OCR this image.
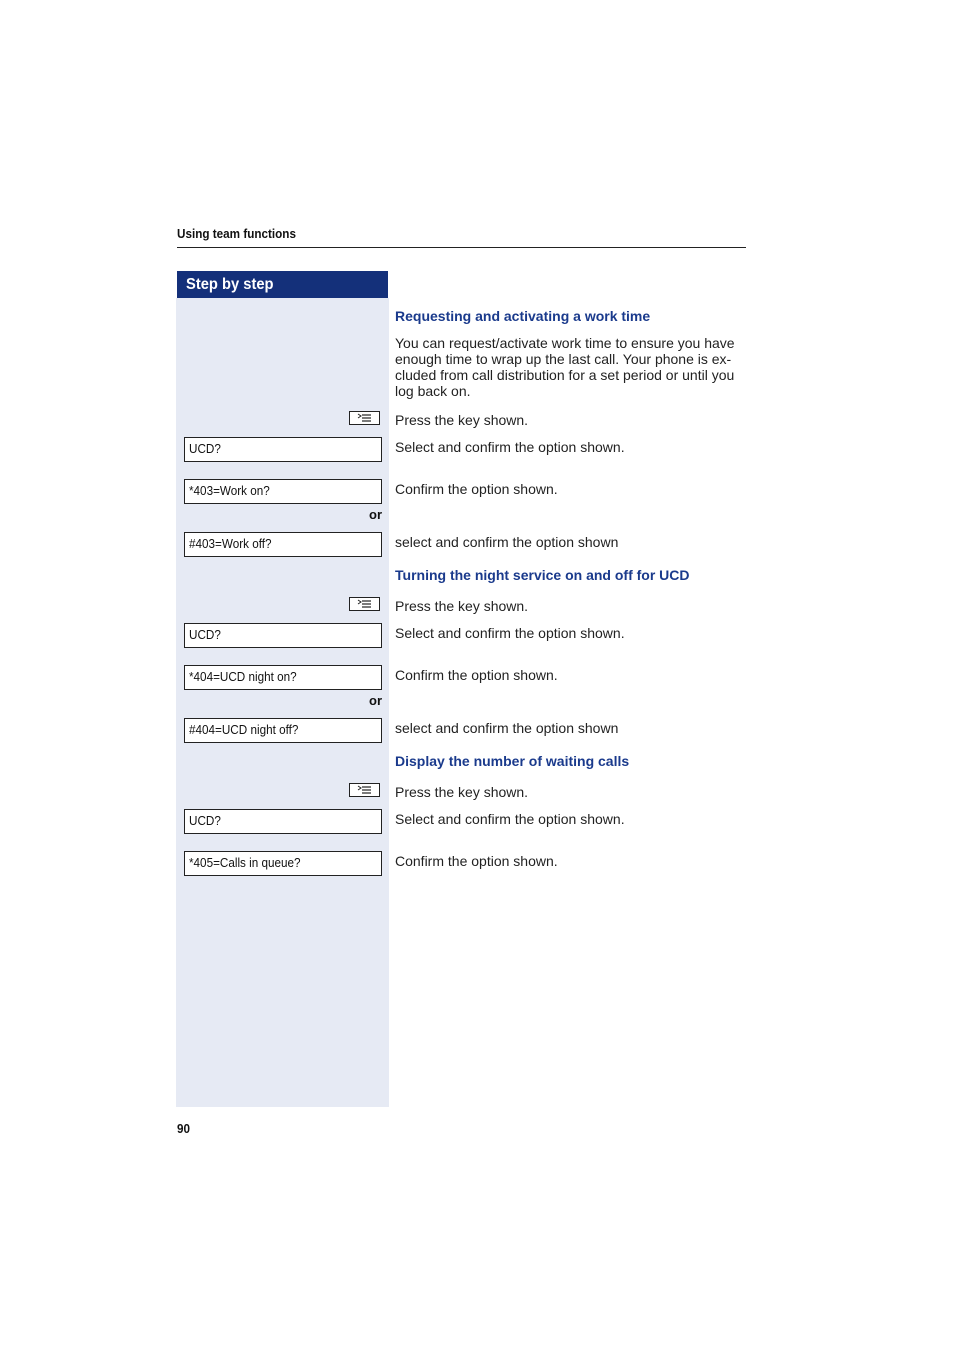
Using team functions
Step by step
Requesting and activating a work time
You can request/activate work time to ensure you have
enough time to wrap up the last call. Your phone is ex-
cluded from call distribution for a set period or until you
log back on.
Press the key shown.
UCD?	Select and confirm the option shown.
*403=Work on?	Confirm the option shown.
or
#403=Work off?	select and confirm the option shown
Turning the night service on and off for UCD
Press the key shown.
UCD?	Select and confirm the option shown.
*404=UCD night on?	Confirm the option shown.
or
#404=UCD night off?	select and confirm the option shown
Display the number of waiting calls
Press the key shown.
UCD?	Select and confirm the option shown.
*405=Calls in queue?	Confirm the option shown.
90
